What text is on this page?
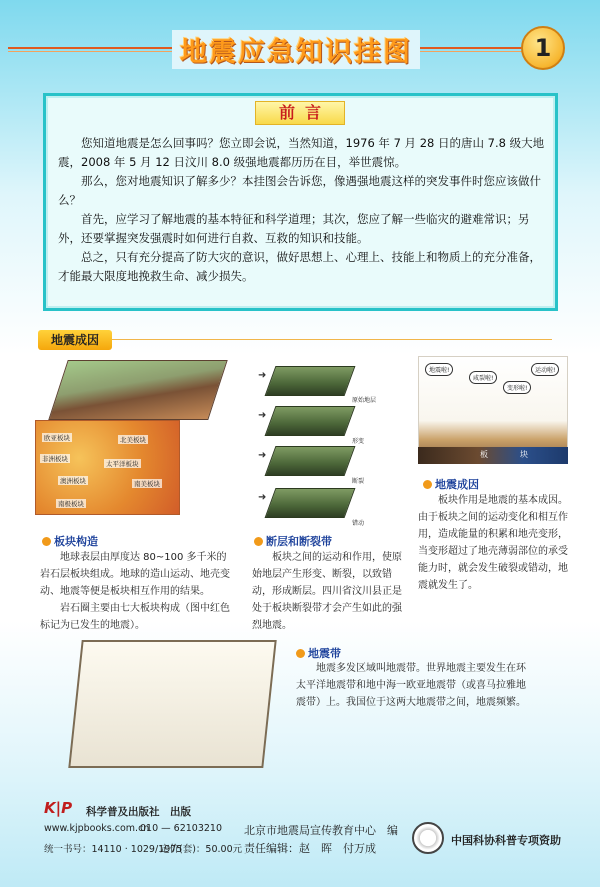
地震应急知识挂图	1
前言

您知道地震是怎么回事吗？您立即会说，当然知道，1976 年 7 月 28 日的唐山 7.8 级大地震，2008 年 5 月 12 日汶川 8.0 级强地震都历历在目，举世震惊。

那么，您对地震知识了解多少？本挂图会告诉您，像遇强地震这样的突发事件时您应该做什么？

首先，应学习了解地震的基本特征和科学道理；其次，您应了解一些临灾的避难常识；另外，还要掌握突发强震时如何进行自救、互救的知识和技能。

总之，只有充分提高了防大灾的意识，做好思想上、心理上、技能上和物质上的充分准备，才能最大限度地挽救生命、减少损失。

地震成因
欧亚板块	北美板块
非洲板块
太平洋板块
澳洲板块	南美板块
南极板块
➜
原始地层
➜
形变
➜
断裂
➜
错动
地震啦!
咸裂啦!
变形啦!
运动啦!
板	块
地震成因

板块作用是地震的基本成因。由于板块之间的运动变化和相互作用，造成能量的积累和地壳变形，当变形超过了地壳薄弱部位的承受能力时，就会发生破裂或错动，地震就发生了。

板块构造

地球表层由厚度达 80~100 多千米的岩石层板块组成。地球的造山运动、地壳变动、地震等便是板块相互作用的结果。

岩石圈主要由七大板块构成（图中红色标记为已发生的地震）。

断层和断裂带

板块之间的运动和作用，使原始地层产生形变、断裂，以致错动，形成断层。四川省汶川县正是处于板块断裂带才会产生如此的强烈地震。

地震带

地震多发区域叫地震带。世界地震主要发生在环太平洋地震带和地中海一欧亚地震带（或喜马拉雅地震带）上。我国位于这两大地震带之间，地震频繁。

K|P 科学普及出版社　出版
www.kjpbooks.com.cn
010 — 62103210
统一书号：14110 · 1029/1975
定价(套)：50.00元
北京市地震局宣传教育中心　编
责任编辑：赵　晖　付万成
中国科协科普专项资助
